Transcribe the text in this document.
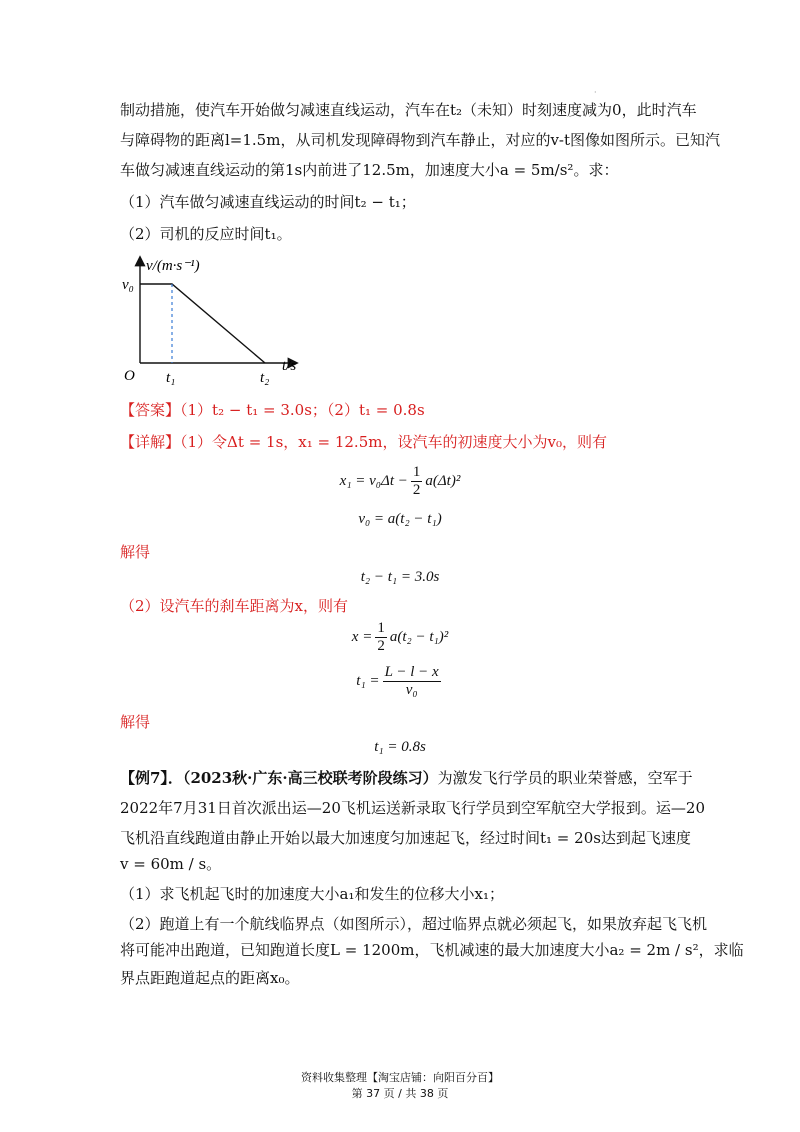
·
制动措施，使汽车开始做匀减速直线运动，汽车在t₂（未知）时刻速度减为0，此时汽车
与障碍物的距离l=1.5m，从司机发现障碍物到汽车静止，对应的v-t图像如图所示。已知汽
车做匀减速直线运动的第1s内前进了12.5m，加速度大小a = 5m/s²。求：
（1）汽车做匀减速直线运动的时间t₂ − t₁；
（2）司机的反应时间t₁。
v/(m·s⁻¹)
v₀
O t₁	t₂
t/s
【答案】（1）t₂ − t₁ = 3.0s；（2）t₁ = 0.8s
【详解】（1）令Δt = 1s，x₁ = 12.5m，设汽车的初速度大小为v₀，则有
$x_1 = v_0\Delta t - \frac{1}{2} a(\Delta t)^2$
v₀ = a(t₂ − t₁)
解得
t₂ − t₁ = 3.0s
（2）设汽车的刹车距离为x，则有
$x = \frac{1}{2} a(t_2 - t_1)^2$
$t_1 = \frac{L - l - x}{\text{v₀}}$
解得
t₁ = 0.8s
【例7】．（2023秋·广东·高三校联考阶段练习）为激发飞行学员的职业荣誉感，空军于
2022年7月31日首次派出运—20飞机运送新录取飞行学员到空军航空大学报到。运—20
飞机沿直线跑道由静止开始以最大加速度匀加速起飞，经过时间t₁ = 20s达到起飞速度
v = 60m / s。
（1）求飞机起飞时的加速度大小a₁和发生的位移大小x₁；
（2）跑道上有一个航线临界点（如图所示），超过临界点就必须起飞，如果放弃起飞飞机
将可能冲出跑道，已知跑道长度L = 1200m，飞机减速的最大加速度大小a₂ = 2m / s²，求临
界点距跑道起点的距离x₀。
资料收集整理【淘宝店铺：向阳百分百】
第 37 页 / 共 38 页
